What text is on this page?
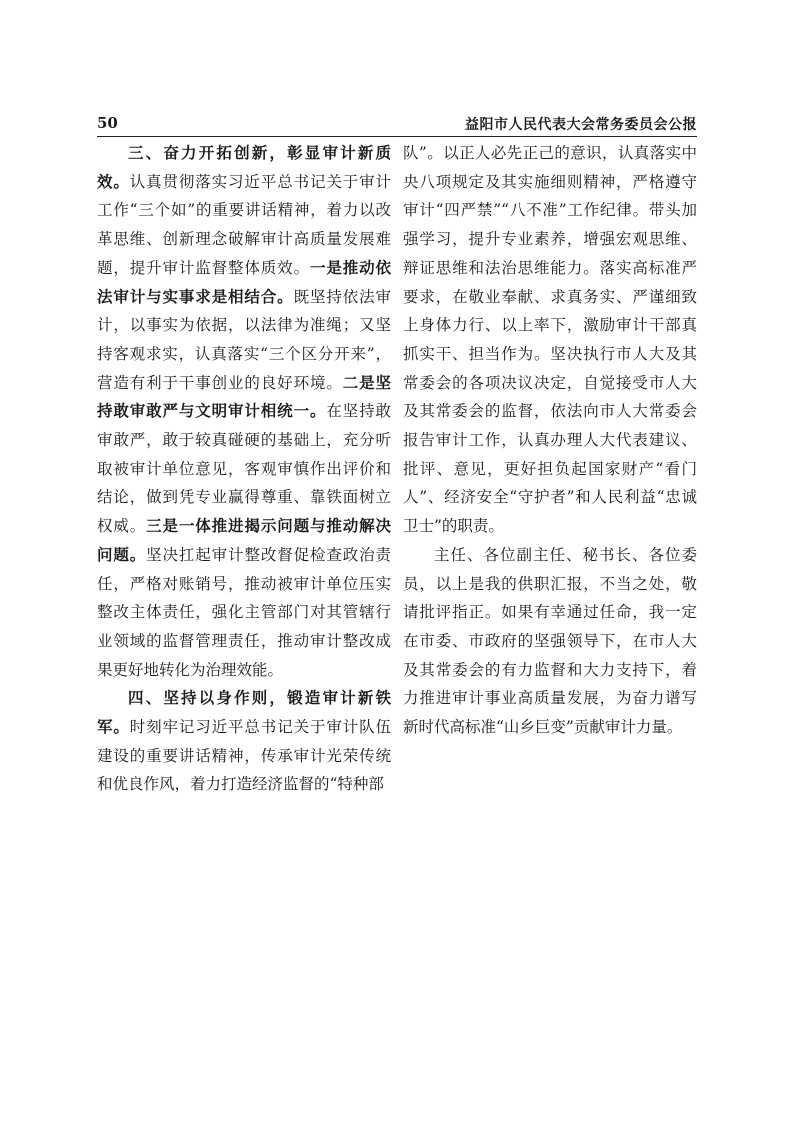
50	益阳市人民代表大会常务委员会公报

三、奋力开拓创新，彰显审计新质效。认真贯彻落实习近平总书记关于审计工作“三个如”的重要讲话精神，着力以改革思维、创新理念破解审计高质量发展难题，提升审计监督整体质效。一是推动依法审计与实事求是相结合。既坚持依法审计，以事实为依据，以法律为准绳；又坚持客观求实，认真落实“三个区分开来”，营造有利于干事创业的良好环境。二是坚持敢审敢严与文明审计相统一。在坚持敢审敢严，敢于较真碰硬的基础上，充分听取被审计单位意见，客观审慎作出评价和结论，做到凭专业赢得尊重、靠铁面树立权威。三是一体推进揭示问题与推动解决问题。坚决扛起审计整改督促检查政治责任，严格对账销号，推动被审计单位压实整改主体责任，强化主管部门对其管辖行业领域的监督管理责任，推动审计整改成果更好地转化为治理效能。

四、坚持以身作则，锻造审计新铁军。时刻牢记习近平总书记关于审计队伍建设的重要讲话精神，传承审计光荣传统和优良作风，着力打造经济监督的“特种部

队”。以正人必先正己的意识，认真落实中央八项规定及其实施细则精神，严格遵守审计“四严禁”“八不准”工作纪律。带头加强学习，提升专业素养，增强宏观思维、辩证思维和法治思维能力。落实高标准严要求，在敬业奉献、求真务实、严谨细致上身体力行、以上率下，激励审计干部真抓实干、担当作为。坚决执行市人大及其常委会的各项决议决定，自觉接受市人大及其常委会的监督，依法向市人大常委会报告审计工作，认真办理人大代表建议、批评、意见，更好担负起国家财产“看门人”、经济安全“守护者”和人民利益“忠诚卫士”的职责。

主任、各位副主任、秘书长、各位委员，以上是我的供职汇报，不当之处，敬请批评指正。如果有幸通过任命，我一定在市委、市政府的坚强领导下，在市人大及其常委会的有力监督和大力支持下，着力推进审计事业高质量发展，为奋力谱写新时代高标准“山乡巨变”贡献审计力量。
